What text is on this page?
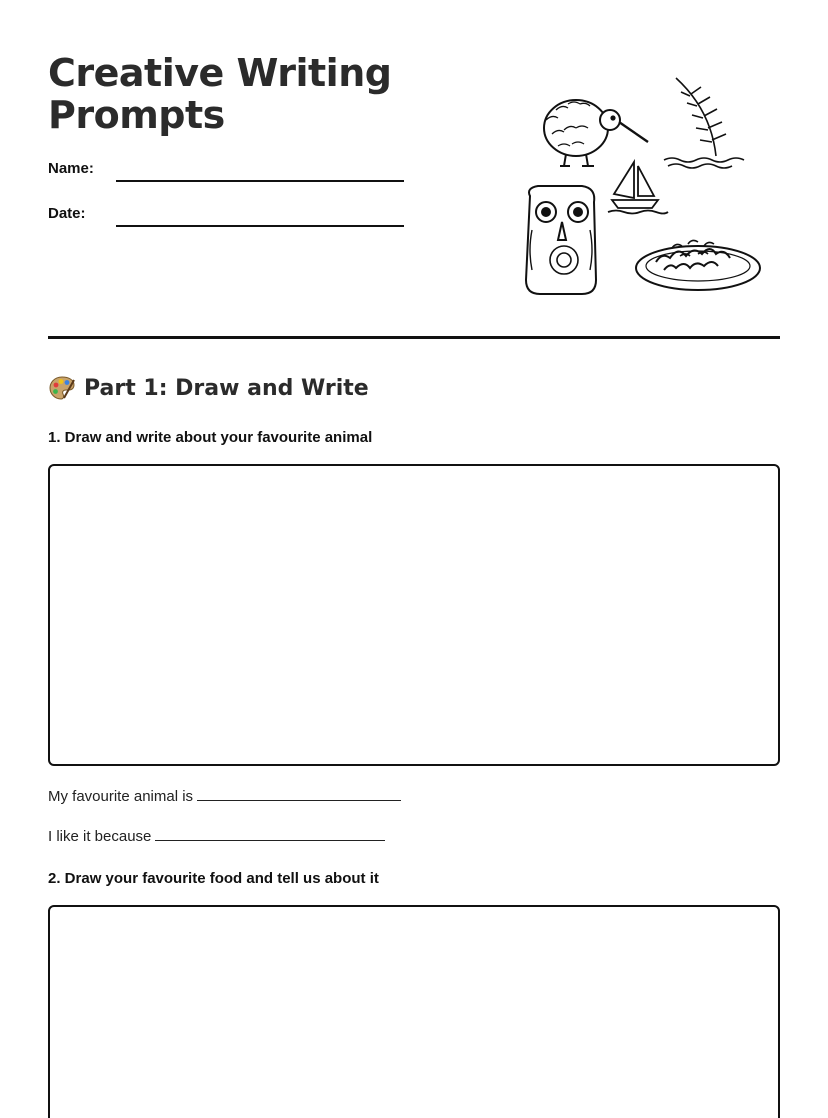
Creative Writing
Prompts
Name:
Date:
Part 1: Draw and Write
1. Draw and write about your favourite animal
My favourite animal is
I like it because
2. Draw your favourite food and tell us about it
